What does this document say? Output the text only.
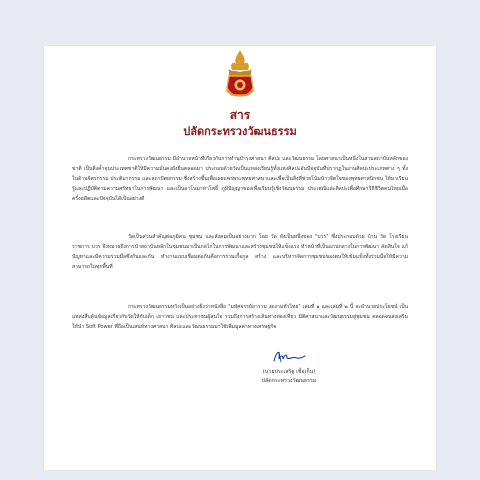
สาร
ปลัดกระทรวงวัฒนธรรม

กระทรวงวัฒนธรรม มีอำนาจหน้าที่เกี่ยวกับการทำนุบำรุงศาสนา ศิลปะ และวัฒนธรรม โดยศาสนาเป็นหนึ่งในสามสถาบันหลักของชาติ เป็นสิ่งค้ำจุนประเทศชาติให้มีความมั่นคงยั่งยืนตลอดมา ประกอบด้วยวัดเป็นแหล่งเรียนรู้ทั้งแห่งศิลปะอันปัจจุบันที่ปรากฏในงานศิลปะประเภทต่าง ๆ ทั้งในด้านจิตรกรรม ประติมากรรม และสถาปัตยกรรม ซึ่งสร้างขึ้นเพื่อเผยแพร่พระพุทธศาสนาและเพื่อเป็นสิ่งที่ช่วยโน้มน้าวจิตใจของพุทธศาสนิกชน ให้มาเรียนรู้และปฏิบัติตามความศรัทธาในการพัฒนา และเป็นอาโนมาหาโพธิ์ ภูมิปัญญาของเพื่อเรียนรู้เชิงวัฒนธรรม ประเพณีและศิลปะเพื่อศึกษาวิถีชีวิตคนไทยเมื่อครั้งอดีตและปัจจุบันได้เป็นอย่างดี

วัดเป็นส่วนสำคัญต่อภูมิคน ชุมชน และสังคมเป็นอย่างมาก โดย วัด ยังเป็นหนึ่งของ "บวร" ซึ่งประกอบด้วย บ้าน วัด โรงเรียน ราชการ บวร จึงหมายถึงการนำสถาบันหลักในชุมชนมาเป็นกลไกในการพัฒนาและสร้างชุมชนให้แข็งแรง ทำหน้าที่เป็นแกนกลางในการพัฒนา คัดสินใจ แก้ปัญหาและมีความร่วมมือซึ่งกันและกัน ทำงานแบบเชื่อมต่อกันคือการร่วมเกื้อกูล สร้าง และบริหารจัดการชุมชนของตนให้เข้มแข็งทั้งร่วมมือให้มีความสามารถในทุกพื้นที่

กระทรวงวัฒนธรรมหวังเป็นอย่างยิ่งว่าหนังสือ "มหัศจรรย์อาราม งดงามทั่วไทย" เล่มที่ ๑ และเล่มที่ ๒ นี้ จะอำนวยประโยชน์ เป็นแหล่งสืบค้นข้อมูลเกี่ยวกับวัดให้กับเด็ก เยาวชน และประชาชนผู้สนใจ รวมถึงการสร้างเส้นทางท่องเที่ยว มิติศาสนาและวัฒนธรรมสู่ชุมชน ตลอดจนส่งเสริมให้นำ Soft Power ที่ถือเป็นเสน่ห์ทางศาสนา ศิลปะและวัฒนธรรมมาใช้เพิ่มมูลค่าทางเศรษฐกิจ

(นายประเสริฐ เชื่อเก็น)
ปลัดกระทรวงวัฒนธรรม
